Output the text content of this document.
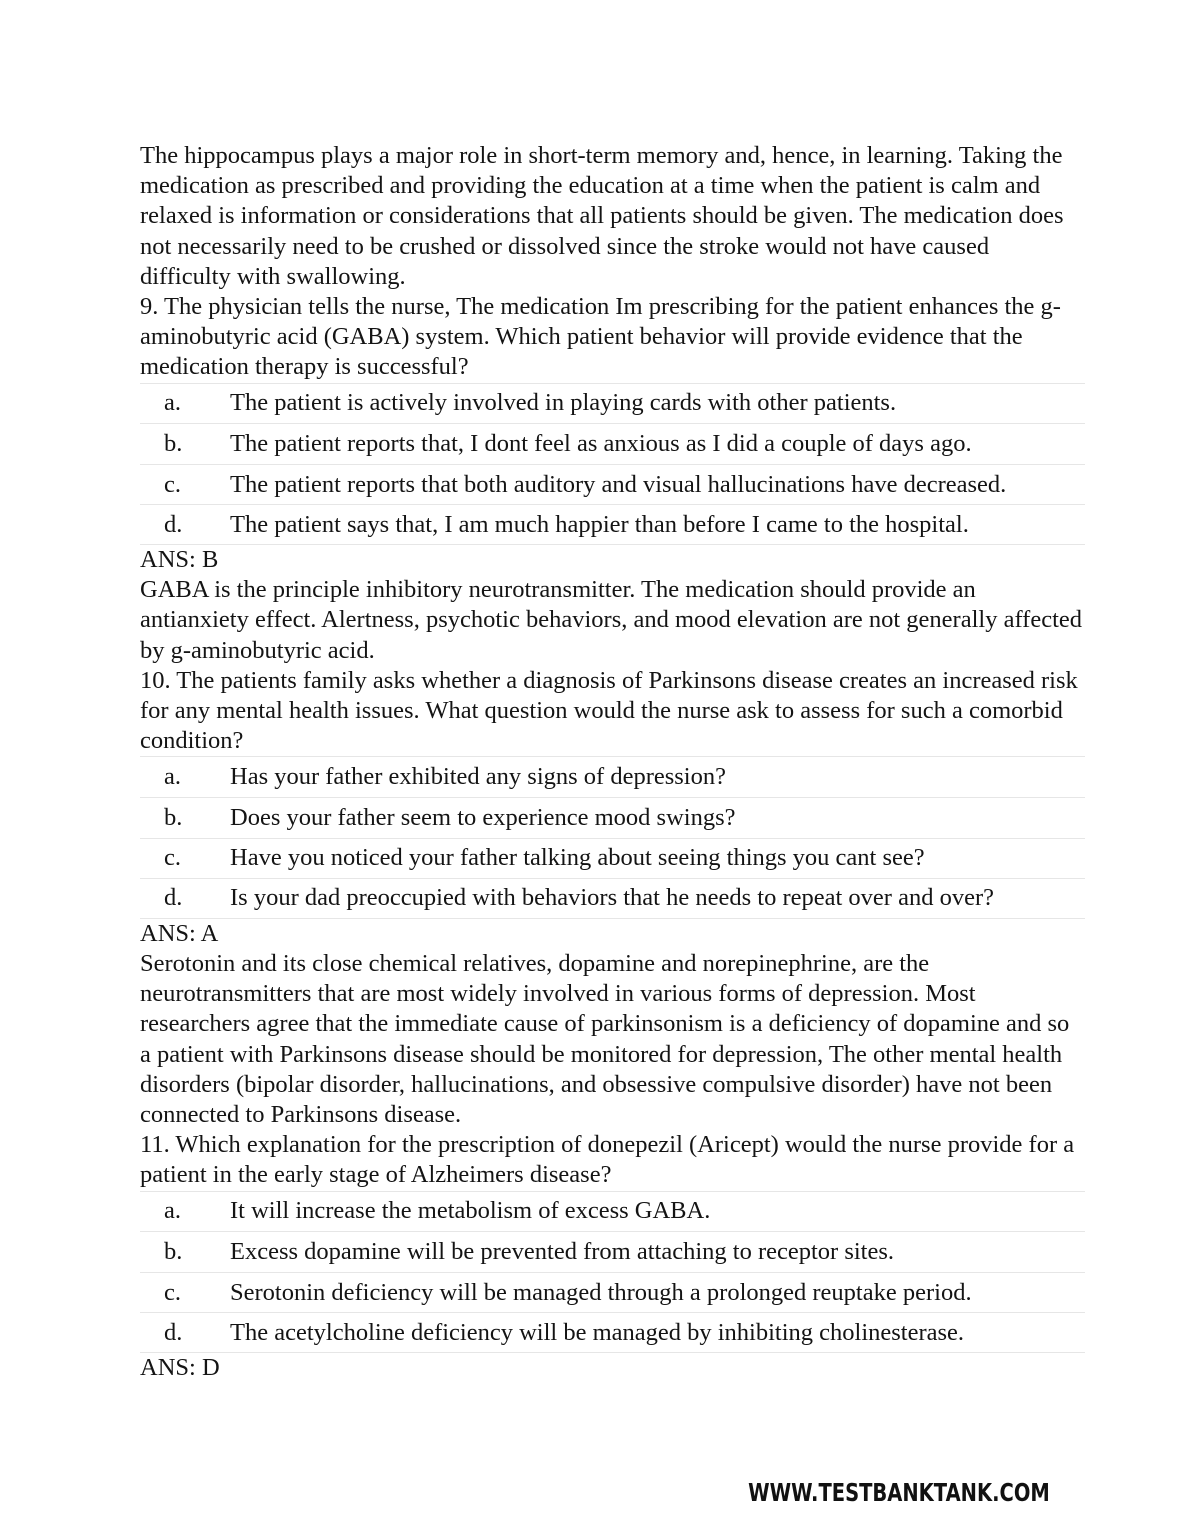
The hippocampus plays a major role in short-term memory and, hence, in learning. Taking the medication as prescribed and providing the education at a time when the patient is calm and relaxed is information or considerations that all patients should be given. The medication does not necessarily need to be crushed or dissolved since the stroke would not have caused difficulty with swallowing.

9. The physician tells the nurse, The medication Im prescribing for the patient enhances the g-aminobutyric acid (GABA) system. Which patient behavior will provide evidence that the medication therapy is successful?

a.	The patient is actively involved in playing cards with other patients.
b.	The patient reports that, I dont feel as anxious as I did a couple of days ago.
c.	The patient reports that both auditory and visual hallucinations have decreased.
d.	The patient says that, I am much happier than before I came to the hospital.

ANS: B

GABA is the principle inhibitory neurotransmitter. The medication should provide an antianxiety effect. Alertness, psychotic behaviors, and mood elevation are not generally affected by g-aminobutyric acid.

10. The patients family asks whether a diagnosis of Parkinsons disease creates an increased risk for any mental health issues. What question would the nurse ask to assess for such a comorbid condition?

a.	Has your father exhibited any signs of depression?
b.	Does your father seem to experience mood swings?
c.	Have you noticed your father talking about seeing things you cant see?
d.	Is your dad preoccupied with behaviors that he needs to repeat over and over?

ANS: A

Serotonin and its close chemical relatives, dopamine and norepinephrine, are the neurotransmitters that are most widely involved in various forms of depression. Most researchers agree that the immediate cause of parkinsonism is a deficiency of dopamine and so a patient with Parkinsons disease should be monitored for depression, The other mental health disorders (bipolar disorder, hallucinations, and obsessive compulsive disorder) have not been connected to Parkinsons disease.

11. Which explanation for the prescription of donepezil (Aricept) would the nurse provide for a patient in the early stage of Alzheimers disease?

a.	It will increase the metabolism of excess GABA.
b.	Excess dopamine will be prevented from attaching to receptor sites.
c.	Serotonin deficiency will be managed through a prolonged reuptake period.
d.	The acetylcholine deficiency will be managed by inhibiting cholinesterase.

ANS: D

WWW.TESTBANKTANK.COM
